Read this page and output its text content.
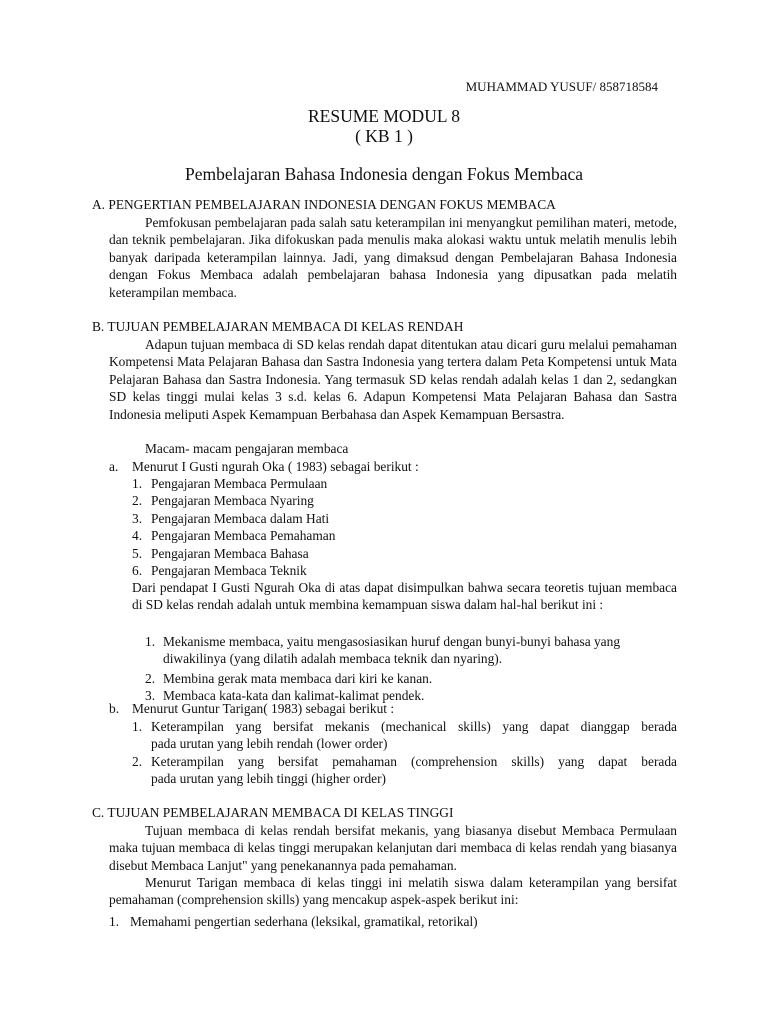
MUHAMMAD YUSUF/ 858718584
RESUME MODUL 8
( KB 1 )
Pembelajaran Bahasa Indonesia dengan Fokus Membaca
A. PENGERTIAN PEMBELAJARAN INDONESIA DENGAN FOKUS MEMBACA
Pemfokusan pembelajaran pada salah satu keterampilan ini menyangkut pemilihan materi, metode, dan teknik pembelajaran. Jika difokuskan pada menulis maka alokasi waktu untuk melatih menulis lebih banyak daripada keterampilan lainnya. Jadi, yang dimaksud dengan Pembelajaran Bahasa Indonesia dengan Fokus Membaca adalah pembelajaran bahasa Indonesia yang dipusatkan pada melatih keterampilan membaca.
B. TUJUAN PEMBELAJARAN MEMBACA DI KELAS RENDAH
Adapun tujuan membaca di SD kelas rendah dapat ditentukan atau dicari guru melalui pemahaman Kompetensi Mata Pelajaran Bahasa dan Sastra Indonesia yang tertera dalam Peta Kompetensi untuk Mata Pelajaran Bahasa dan Sastra Indonesia. Yang termasuk SD kelas rendah adalah kelas 1 dan 2, sedangkan SD kelas tinggi mulai kelas 3 s.d. kelas 6. Adapun Kompetensi Mata Pelajaran Bahasa dan Sastra Indonesia meliputi Aspek Kemampuan Berbahasa dan Aspek Kemampuan Bersastra.
Macam- macam pengajaran membaca
a. Menurut I Gusti ngurah Oka ( 1983) sebagai berikut :
1. Pengajaran Membaca Permulaan
2. Pengajaran Membaca Nyaring
3. Pengajaran Membaca dalam Hati
4. Pengajaran Membaca Pemahaman
5. Pengajaran Membaca Bahasa
6. Pengajaran Membaca Teknik
Dari pendapat I Gusti Ngurah Oka di atas dapat disimpulkan bahwa secara teoretis tujuan membaca di SD kelas rendah adalah untuk membina kemampuan siswa dalam hal-hal berikut ini :
1. Mekanisme membaca, yaitu mengasosiasikan huruf dengan bunyi-bunyi bahasa yang
diwakilinya (yang dilatih adalah membaca teknik dan nyaring).
2. Membina gerak mata membaca dari kiri ke kanan.
3. Membaca kata-kata dan kalimat-kalimat pendek.
b. Menurut Guntur Tarigan( 1983) sebagai berikut :
1. Keterampilan yang bersifat mekanis (mechanical skills) yang dapat dianggap berada
pada urutan yang lebih rendah (lower order)
2. Keterampilan yang bersifat pemahaman (comprehension skills) yang dapat berada
pada urutan yang lebih tinggi (higher order)
C. TUJUAN PEMBELAJARAN MEMBACA DI KELAS TINGGI
Tujuan membaca di kelas rendah bersifat mekanis, yang biasanya disebut Membaca Permulaan maka tujuan membaca di kelas tinggi merupakan kelanjutan dari membaca di kelas rendah yang biasanya disebut Membaca Lanjut" yang penekanannya pada pemahaman.
Menurut Tarigan membaca di kelas tinggi ini melatih siswa dalam keterampilan yang bersifat pemahaman (comprehension skills) yang mencakup aspek-aspek berikut ini:
1. Memahami pengertian sederhana (leksikal, gramatikal, retorikal)
